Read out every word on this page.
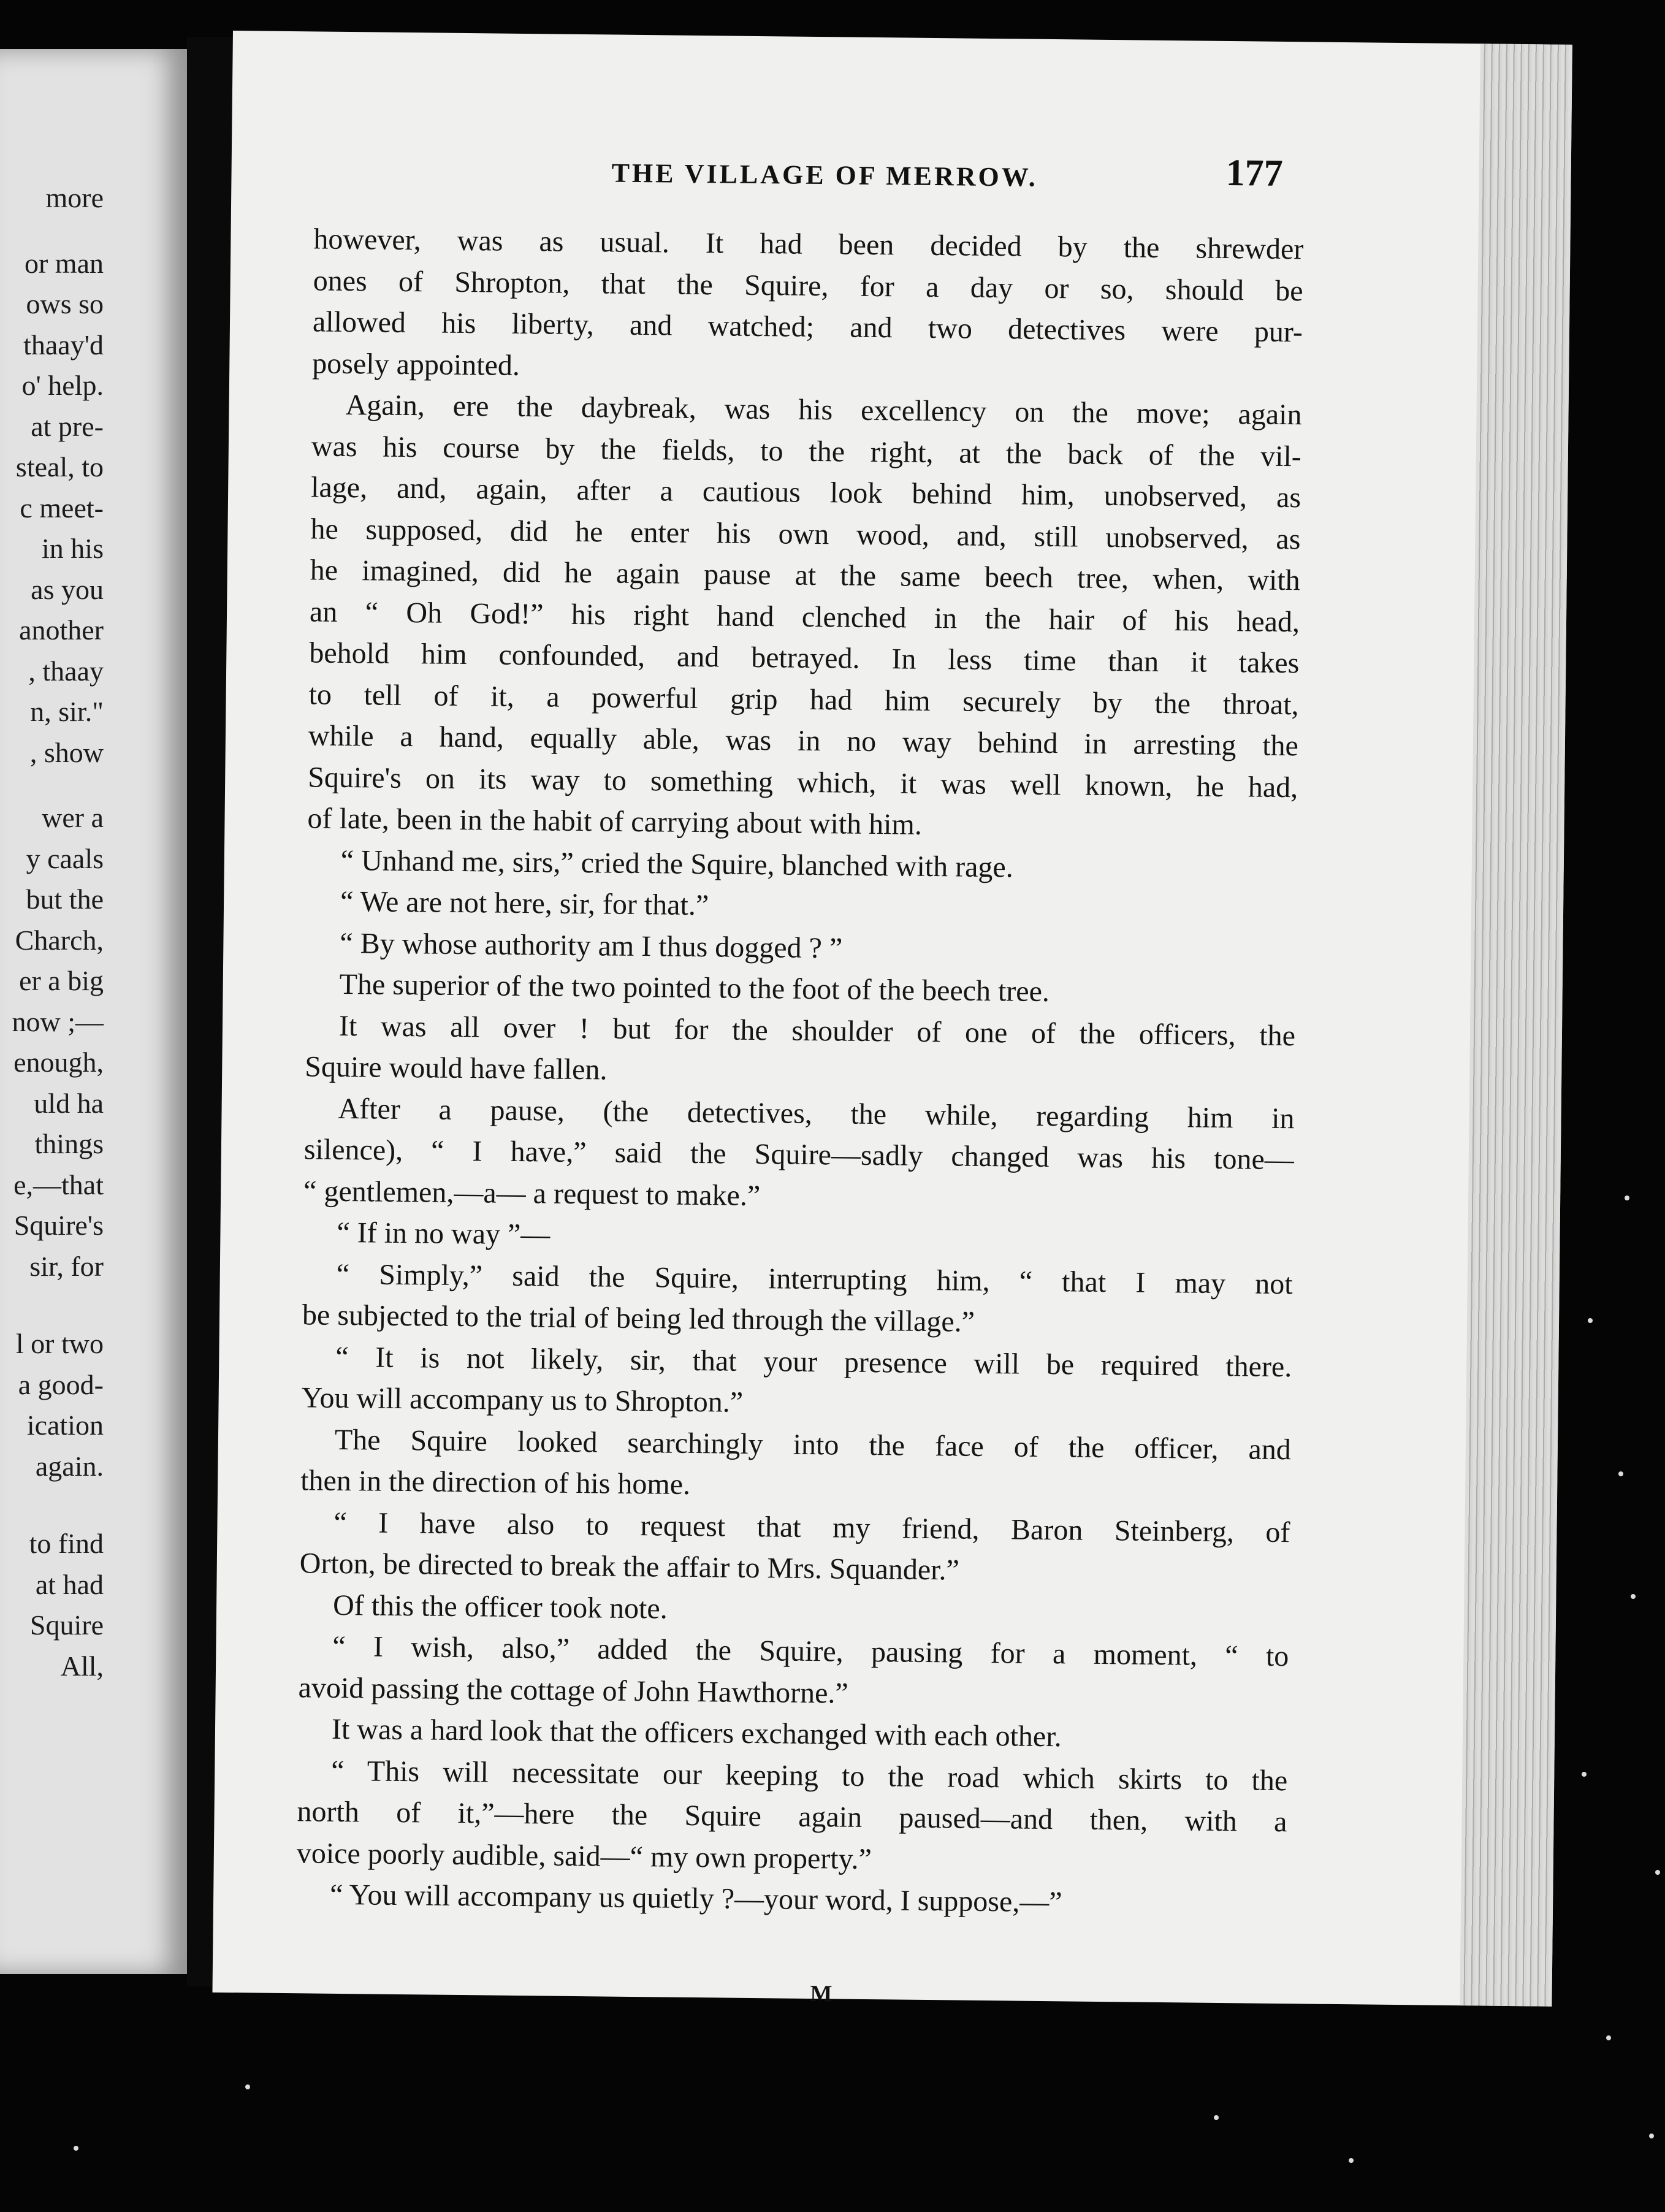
more
or man
ows so
thaay'd
o' help.
at pre-
steal, to
c meet-
in his
as you
another
, thaay
n, sir."
, show
wer a
y caals
but the
Charch,
er a big
now ;—
enough,
uld ha
things
e,—that
Squire's
sir, for
l or two
a good-
ication
again.
to find
at had
Squire
All,
THE VILLAGE OF MERROW.	177
however, was as usual. It had been decided by the shrewder
ones of Shropton, that the Squire, for a day or so, should be
allowed his liberty, and watched; and two detectives were pur-
posely appointed.
Again, ere the daybreak, was his excellency on the move; again
was his course by the fields, to the right, at the back of the vil-
lage, and, again, after a cautious look behind him, unobserved, as
he supposed, did he enter his own wood, and, still unobserved, as
he imagined, did he again pause at the same beech tree, when, with
an “ Oh God!” his right hand clenched in the hair of his head,
behold him confounded, and betrayed. In less time than it takes
to tell of it, a powerful grip had him securely by the throat,
while a hand, equally able, was in no way behind in arresting the
Squire's on its way to something which, it was well known, he had,
of late, been in the habit of carrying about with him.
“ Unhand me, sirs,” cried the Squire, blanched with rage.
“ We are not here, sir, for that.”
“ By whose authority am I thus dogged ? ”
The superior of the two pointed to the foot of the beech tree.
It was all over ! but for the shoulder of one of the officers, the
Squire would have fallen.
After a pause, (the detectives, the while, regarding him in
silence), “ I have,” said the Squire—sadly changed was his tone—
“ gentlemen,—a— a request to make.”
“ If in no way ”—
“ Simply,” said the Squire, interrupting him, “ that I may not
be subjected to the trial of being led through the village.”
“ It is not likely, sir, that your presence will be required there.
You will accompany us to Shropton.”
The Squire looked searchingly into the face of the officer, and
then in the direction of his home.
“ I have also to request that my friend, Baron Steinberg, of
Orton, be directed to break the affair to Mrs. Squander.”
Of this the officer took note.
“ I wish, also,” added the Squire, pausing for a moment, “ to
avoid passing the cottage of John Hawthorne.”
It was a hard look that the officers exchanged with each other.
“ This will necessitate our keeping to the road which skirts to the
north of it,”—here the Squire again paused—and then, with a
voice poorly audible, said—“ my own property.”
“ You will accompany us quietly ?—your word, I suppose,—”
M
